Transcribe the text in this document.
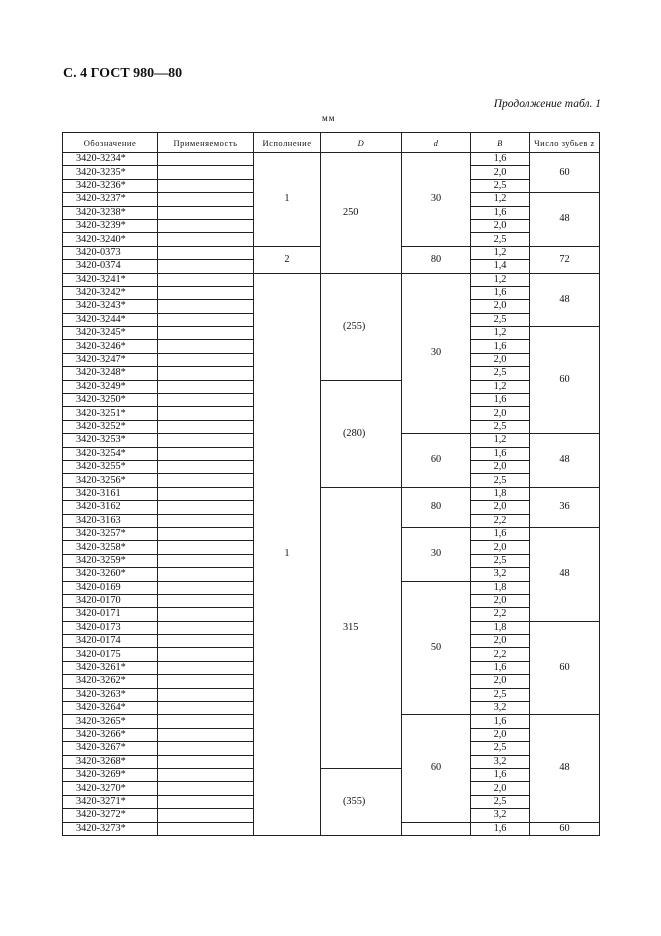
С. 4 ГОСТ 980—80
Продолжение табл. 1
мм
Обозначение	Применяемость	Исполнение	D	d	B	Число зубьев z
3420-3234*		1	250	30	1,6	60
3420-3235*					2,0	
3420-3236*					2,5	
3420-3237*					1,2	48
3420-3238*					1,6	
3420-3239*					2,0	
3420-3240*					2,5	
3420-0373		2		80	1,2	72
3420-0374					1,4	
3420-3241*		1	(255)	30	1,2	48
3420-3242*					1,6	
3420-3243*					2,0	
3420-3244*					2,5	
3420-3245*					1,2	60
3420-3246*					1,6	
3420-3247*					2,0	
3420-3248*					2,5	
3420-3249*			(280)		1,2	
3420-3250*					1,6	
3420-3251*					2,0	
3420-3252*					2,5	
3420-3253*				60	1,2	48
3420-3254*					1,6	
3420-3255*					2,0	
3420-3256*					2,5	
3420-3161			315	80	1,8	36
3420-3162					2,0	
3420-3163					2,2	
3420-3257*				30	1,6	48
3420-3258*					2,0	
3420-3259*					2,5	
3420-3260*					3,2	
3420-0169				50	1,8	
3420-0170					2,0	
3420-0171					2,2	
3420-0173					1,8	60
3420-0174					2,0	
3420-0175					2,2	
3420-3261*					1,6	
3420-3262*					2,0	
3420-3263*					2,5	
3420-3264*					3,2	
3420-3265*				60	1,6	48
3420-3266*					2,0	
3420-3267*					2,5	
3420-3268*					3,2	
3420-3269*			(355)		1,6	
3420-3270*					2,0	
3420-3271*					2,5	
3420-3272*					3,2	
3420-3273*					1,6	60
